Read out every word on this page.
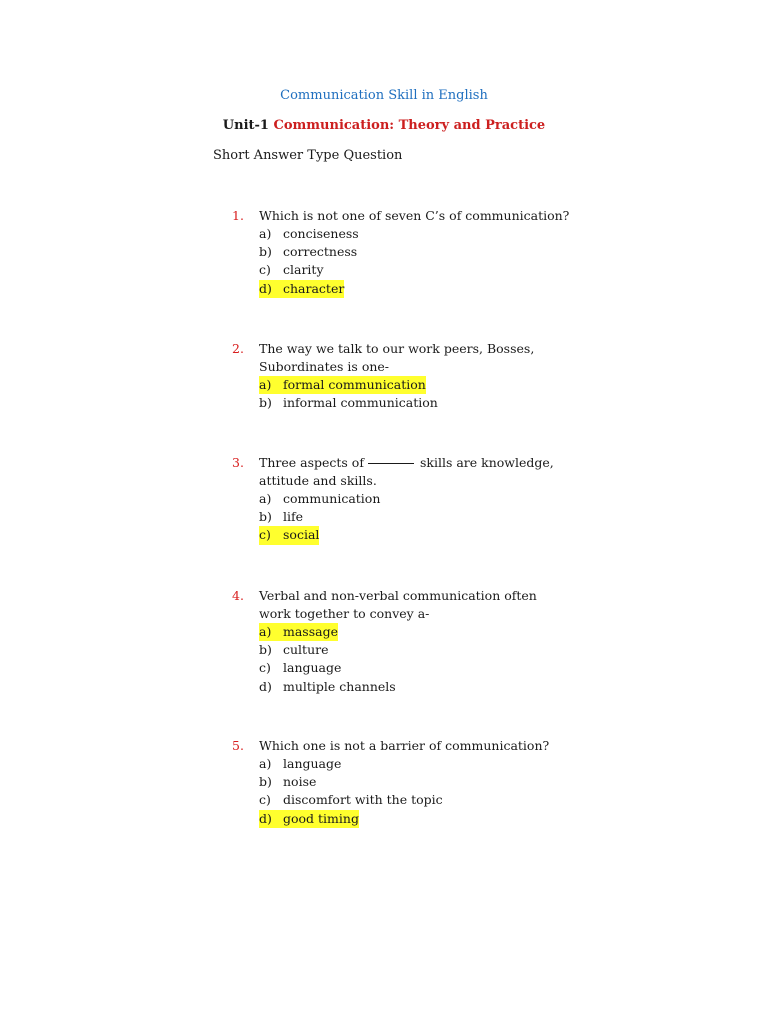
Communication Skill in English
Unit-1 Communication: Theory and Practice
Short Answer Type Question
1.	Which is not one of seven C’s of communication?
a) conciseness
b) correctness
c) clarity
d) character
2.	The way we talk to our work peers, Bosses, Subordinates is one-
a) formal communication
b) informal communication
3.	Three aspects of	skills are knowledge,
attitude and skills.
a) communication
b) life
c) social
4.	Verbal and non-verbal communication often work together to convey a-
a) massage
b) culture
c) language
d) multiple channels
5.	Which one is not a barrier of communication?
a) language
b) noise
c) discomfort with the topic
d) good timing
